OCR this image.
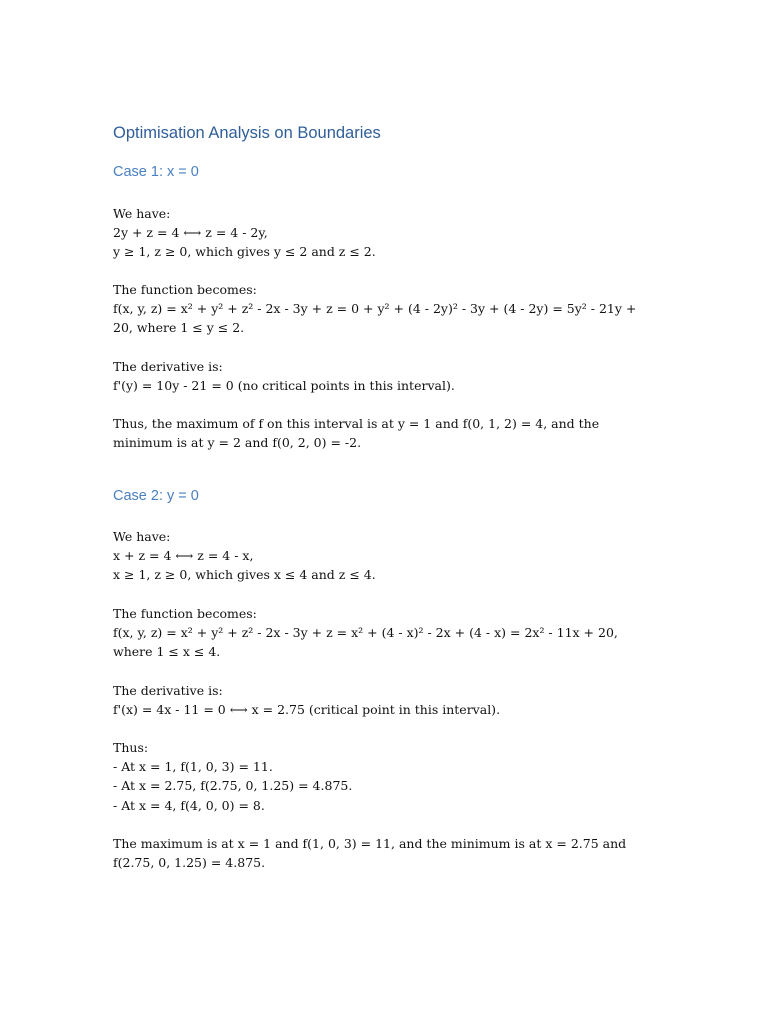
Optimisation Analysis on Boundaries
Case 1: x = 0
We have:
2y + z = 4 ⟷ z = 4 - 2y,
y ≥ 1, z ≥ 0, which gives y ≤ 2 and z ≤ 2.
The function becomes:
f(x, y, z) = x² + y² + z² - 2x - 3y + z = 0 + y² + (4 - 2y)² - 3y + (4 - 2y) = 5y² - 21y + 20, where 1 ≤ y ≤ 2.
The derivative is:
f'(y) = 10y - 21 = 0 (no critical points in this interval).
Thus, the maximum of f on this interval is at y = 1 and f(0, 1, 2) = 4, and the minimum is at y = 2 and f(0, 2, 0) = -2.
Case 2: y = 0
We have:
x + z = 4 ⟷ z = 4 - x,
x ≥ 1, z ≥ 0, which gives x ≤ 4 and z ≤ 4.
The function becomes:
f(x, y, z) = x² + y² + z² - 2x - 3y + z = x² + (4 - x)² - 2x + (4 - x) = 2x² - 11x + 20, where 1 ≤ x ≤ 4.
The derivative is:
f'(x) = 4x - 11 = 0 ⟷ x = 2.75 (critical point in this interval).
Thus:
- At x = 1, f(1, 0, 3) = 11.
- At x = 2.75, f(2.75, 0, 1.25) = 4.875.
- At x = 4, f(4, 0, 0) = 8.
The maximum is at x = 1 and f(1, 0, 3) = 11, and the minimum is at x = 2.75 and f(2.75, 0, 1.25) = 4.875.
